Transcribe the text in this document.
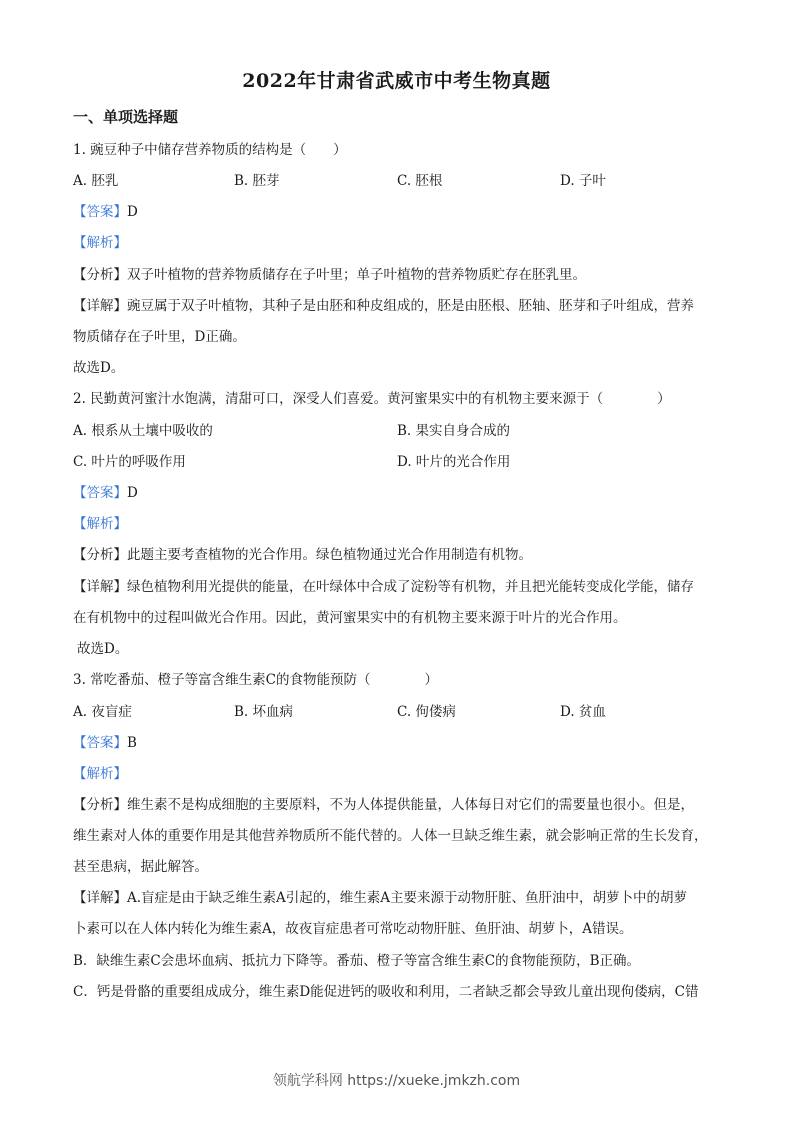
2022年甘肃省武威市中考生物真题
一、单项选择题
1. 豌豆种子中储存营养物质的结构是（　　）
A. 胚乳	B. 胚芽	C. 胚根	D. 子叶
【答案】D
【解析】
【分析】双子叶植物的营养物质储存在子叶里；单子叶植物的营养物质贮存在胚乳里。
【详解】豌豆属于双子叶植物，其种子是由胚和种皮组成的，胚是由胚根、胚轴、胚芽和子叶组成，营养
物质储存在子叶里，D正确。
故选D。
2. 民勤黄河蜜汁水饱满，清甜可口，深受人们喜爱。黄河蜜果实中的有机物主要来源于（　　　　）
A. 根系从土壤中吸收的	B. 果实自身合成的
C. 叶片的呼吸作用	D. 叶片的光合作用
【答案】D
【解析】
【分析】此题主要考查植物的光合作用。绿色植物通过光合作用制造有机物。
【详解】绿色植物利用光提供的能量，在叶绿体中合成了淀粉等有机物，并且把光能转变成化学能，储存
在有机物中的过程叫做光合作用。因此，黄河蜜果实中的有机物主要来源于叶片的光合作用。
故选D。
3. 常吃番茄、橙子等富含维生素C的食物能预防（　　　　）
A. 夜盲症	B. 坏血病	C. 佝偻病	D. 贫血
【答案】B
【解析】
【分析】维生素不是构成细胞的主要原料，不为人体提供能量，人体每日对它们的需要量也很小。但是，
维生素对人体的重要作用是其他营养物质所不能代替的。人体一旦缺乏维生素，就会影响正常的生长发育，
甚至患病，据此解答。
【详解】A.盲症是由于缺乏维生素A引起的，维生素A主要来源于动物肝脏、鱼肝油中，胡萝卜中的胡萝
卜素可以在人体内转化为维生素A，故夜盲症患者可常吃动物肝脏、鱼肝油、胡萝卜，A错误。
B．缺维生素C会患坏血病、抵抗力下降等。番茄、橙子等富含维生素C的食物能预防，B正确。
C．钙是骨骼的重要组成成分，维生素D能促进钙的吸收和利用，二者缺乏都会导致儿童出现佝偻病，C错
领航学科网 https://xueke.jmkzh.com
